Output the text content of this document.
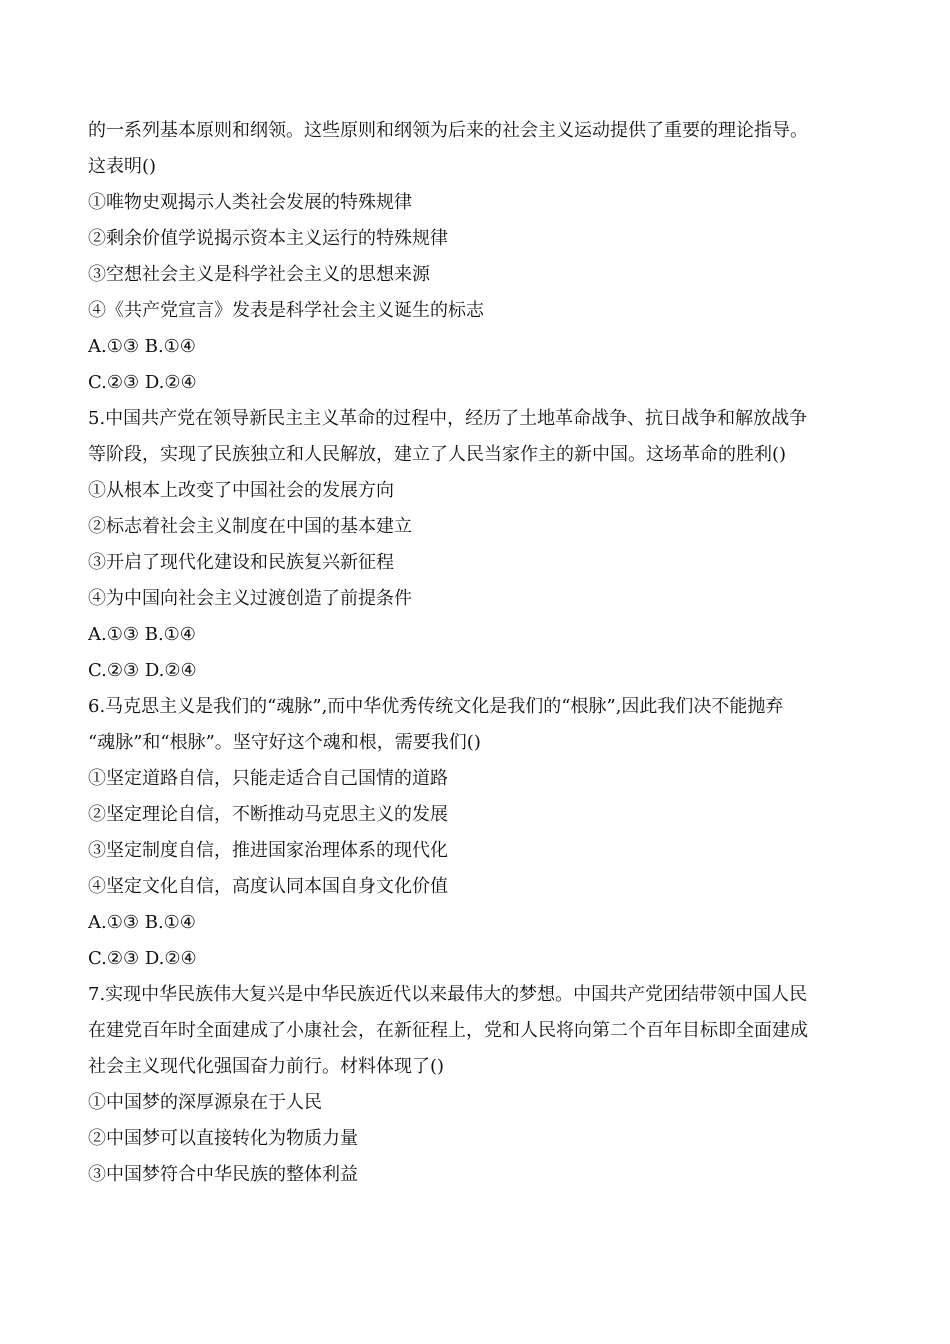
的一系列基本原则和纲领。这些原则和纲领为后来的社会主义运动提供了重要的理论指导。
这表明()
①唯物史观揭示人类社会发展的特殊规律
②剩余价值学说揭示资本主义运行的特殊规律
③空想社会主义是科学社会主义的思想来源
④《共产党宣言》发表是科学社会主义诞生的标志
A.①③ B.①④
C.②③ D.②④
5.中国共产党在领导新民主主义革命的过程中，经历了土地革命战争、抗日战争和解放战争
等阶段，实现了民族独立和人民解放，建立了人民当家作主的新中国。这场革命的胜利()
①从根本上改变了中国社会的发展方向
②标志着社会主义制度在中国的基本建立
③开启了现代化建设和民族复兴新征程
④为中国向社会主义过渡创造了前提条件
A.①③ B.①④
C.②③ D.②④
6.马克思主义是我们的“魂脉”,而中华优秀传统文化是我们的“根脉”,因此我们决不能抛弃
“魂脉”和“根脉”。坚守好这个魂和根，需要我们()
①坚定道路自信，只能走适合自己国情的道路
②坚定理论自信，不断推动马克思主义的发展
③坚定制度自信，推进国家治理体系的现代化
④坚定文化自信，高度认同本国自身文化价值
A.①③ B.①④
C.②③ D.②④
7.实现中华民族伟大复兴是中华民族近代以来最伟大的梦想。中国共产党团结带领中国人民
在建党百年时全面建成了小康社会，在新征程上，党和人民将向第二个百年目标即全面建成
社会主义现代化强国奋力前行。材料体现了()
①中国梦的深厚源泉在于人民
②中国梦可以直接转化为物质力量
③中国梦符合中华民族的整体利益
